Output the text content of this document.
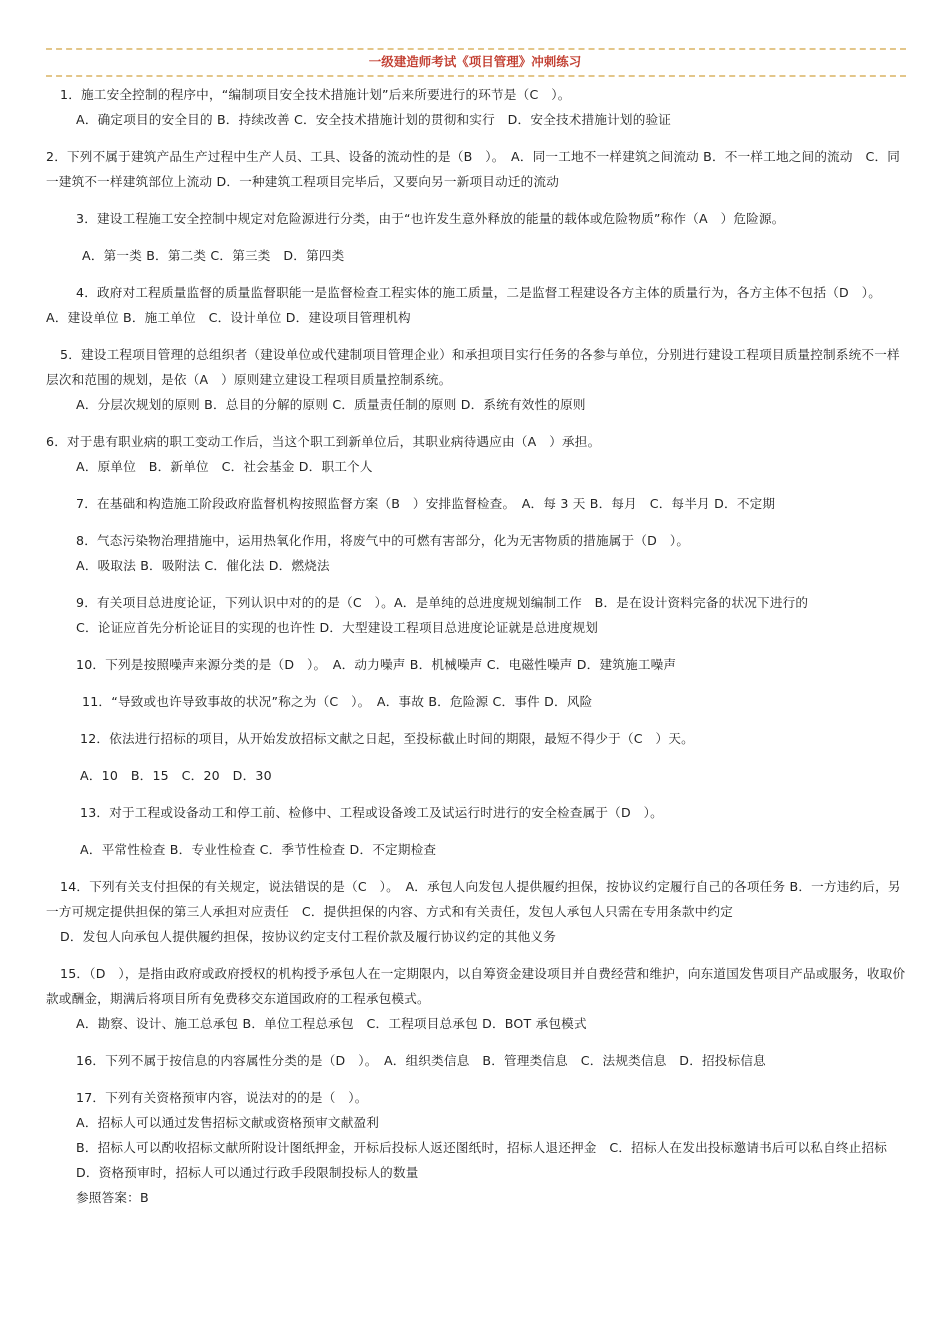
一级建造师考试《项目管理》冲刺练习
1．施工安全控制的程序中，“编制项目安全技术措施计划”后来所要进行的环节是（C　）。
A．确定项目的安全目的 B．持续改善 C．安全技术措施计划的贯彻和实行　D．安全技术措施计划的验证
2．下列不属于建筑产品生产过程中生产人员、工具、设备的流动性的是（B　）。　A．同一工地不一样建筑之间流动 B．不一样工地之间的流动　C．同一建筑不一样建筑部位上流动 D．一种建筑工程项目完毕后，又要向另一新项目动迁的流动
3．建设工程施工安全控制中规定对危险源进行分类，由于“也许发生意外释放的能量的载体或危险物质”称作（A　）危险源。
A．第一类 B．第二类 C．第三类　D．第四类
4．政府对工程质量监督的质量监督职能一是监督检查工程实体的施工质量，二是监督工程建设各方主体的质量行为，各方主体不包括（D　）。　A．建设单位 B．施工单位　C．设计单位 D．建设项目管理机构
5．建设工程项目管理的总组织者（建设单位或代建制项目管理企业）和承担项目实行任务的各参与单位，分别进行建设工程项目质量控制系统不一样层次和范围的规划，是依（A　）原则建立建设工程项目质量控制系统。
A．分层次规划的原则 B．总目的分解的原则 C．质量责任制的原则 D．系统有效性的原则
6．对于患有职业病的职工变动工作后，当这个职工到新单位后，其职业病待遇应由（A　）承担。
A．原单位　B．新单位　C．社会基金 D．职工个人
7．在基础和构造施工阶段政府监督机构按照监督方案（B　）安排监督检查。　A．每 3 天 B．每月　C．每半月 D．不定期
8．气态污染物治理措施中，运用热氧化作用，将废气中的可燃有害部分，化为无害物质的措施属于（D　）。
A．吸取法 B．吸附法 C．催化法 D．燃烧法
9．有关项目总进度论证，下列认识中对的的是（C　）。A．是单纯的总进度规划编制工作　B．是在设计资料完备的状况下进行的
C．论证应首先分析论证目的实现的也许性 D．大型建设工程项目总进度论证就是总进度规划
10．下列是按照噪声来源分类的是（D　）。　A．动力噪声 B．机械噪声 C．电磁性噪声 D．建筑施工噪声
11．“导致或也许导致事故的状况”称之为（C　）。　A．事故 B．危险源 C．事件 D．风险
12．依法进行招标的项目，从开始发放招标文献之日起，至投标截止时间的期限，最短不得少于（C　）天。
A．10　B．15　C．20　D．30
13．对于工程或设备动工和停工前、检修中、工程或设备竣工及试运行时进行的安全检查属于（D　）。
A．平常性检查 B．专业性检查 C．季节性检查 D．不定期检查
14．下列有关支付担保的有关规定，说法错误的是（C　）。　A．承包人向发包人提供履约担保，按协议约定履行自己的各项任务 B．一方违约后，另一方可规定提供担保的第三人承担对应责任　C．提供担保的内容、方式和有关责任，发包人承包人只需在专用条款中约定
D．发包人向承包人提供履约担保，按协议约定支付工程价款及履行协议约定的其他义务
15．（D　），是指由政府或政府授权的机构授予承包人在一定期限内，以自筹资金建设项目并自费经营和维护，向东道国发售项目产品或服务，收取价款或酬金，期满后将项目所有免费移交东道国政府的工程承包模式。
A．勘察、设计、施工总承包 B．单位工程总承包　C．工程项目总承包 D．BOT 承包模式
16．下列不属于按信息的内容属性分类的是（D　）。　A．组织类信息　B．管理类信息　C．法规类信息　D．招投标信息
17．下列有关资格预审内容，说法对的的是（　）。
A．招标人可以通过发售招标文献或资格预审文献盈利
B．招标人可以酌收招标文献所附设计图纸押金，开标后投标人返还图纸时，招标人退还押金　C．招标人在发出投标邀请书后可以私自终止招标
D．资格预审时，招标人可以通过行政手段限制投标人的数量
参照答案：B
